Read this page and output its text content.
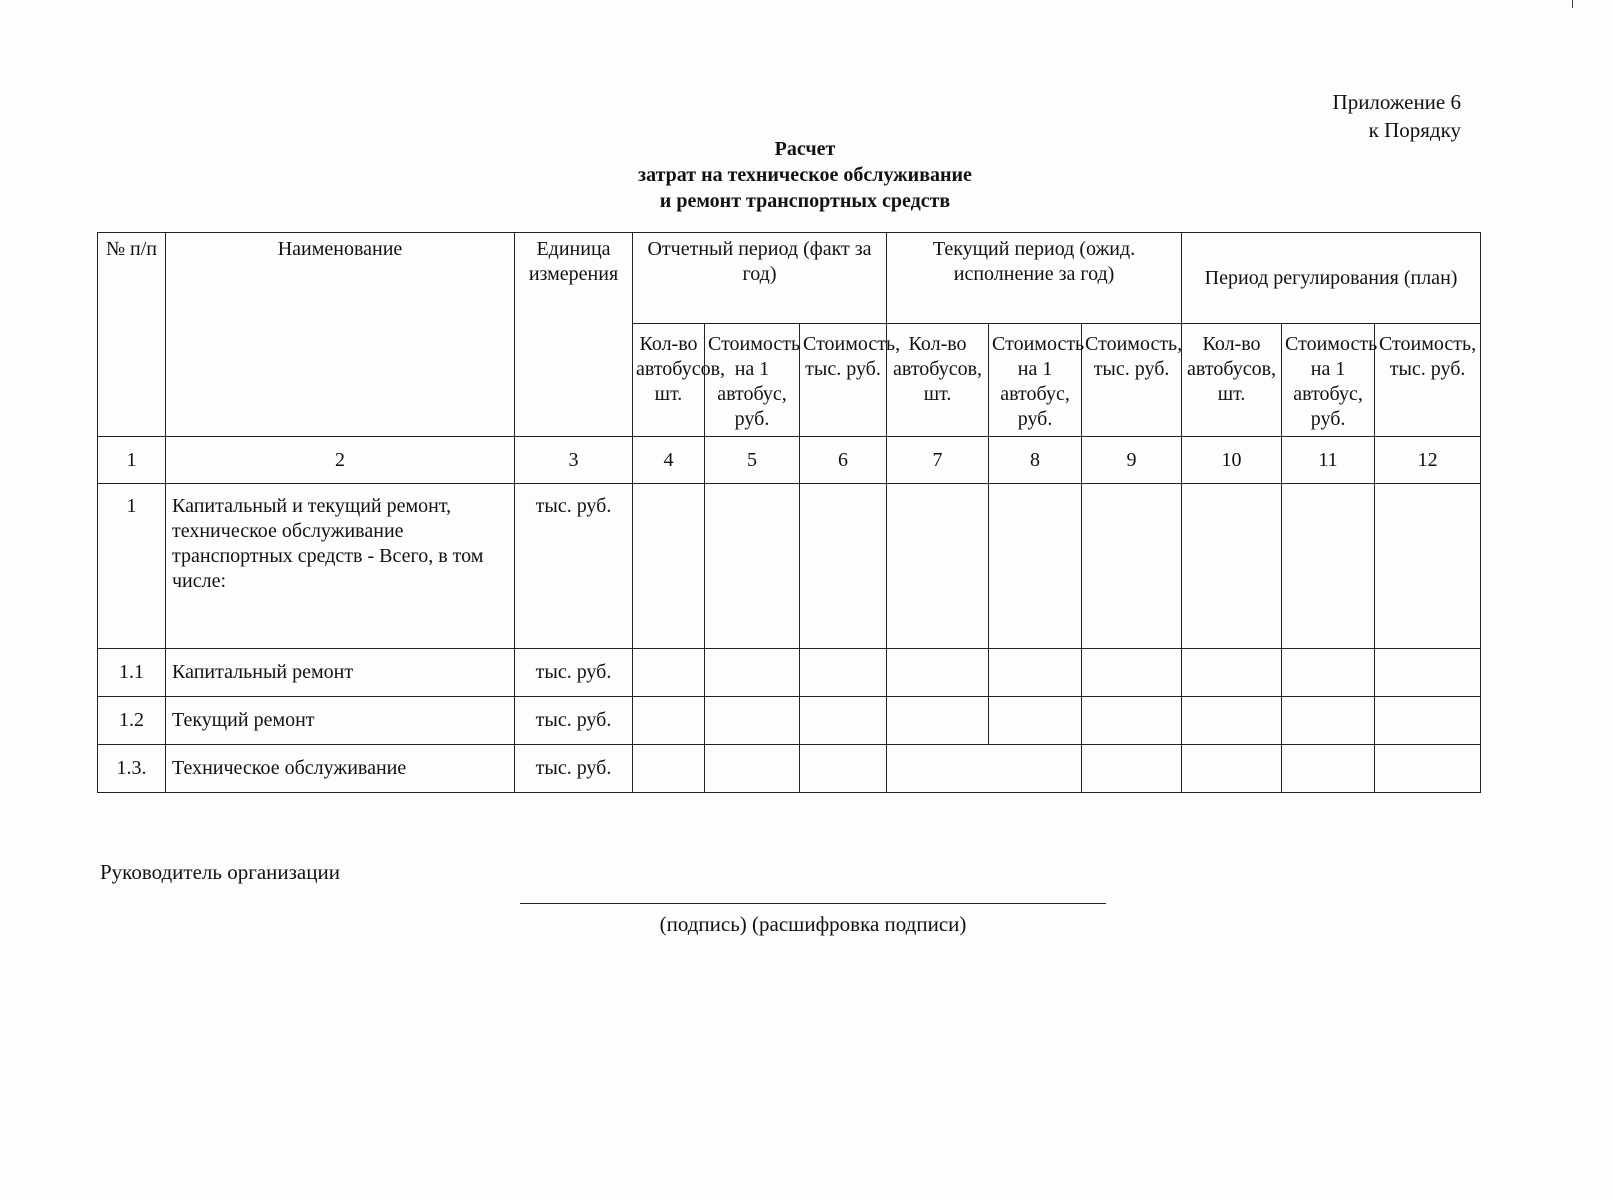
Приложение 6
к Порядку
Расчет
затрат на техническое обслуживание
и ремонт транспортных средств
№ п/п	Наименование	Единица измерения	Отчетный период (факт за год)			Текущий период (ожид. исполнение за год)			Период регулирования (план)		
			Кол-во автобусов, шт.	Стоимость на 1 автобус, руб.	Стоимость, тыс. руб.	Кол-во автобусов, шт.	Стоимость на 1 автобус, руб.	Стоимость, тыс. руб.	Кол-во автобусов, шт.	Стоимость на 1 автобус, руб.	Стоимость, тыс. руб.
1	2	3	4	5	6	7	8	9	10	11	12
1	Капитальный и текущий ремонт, техническое обслуживание транспортных средств - Всего, в том числе:	тыс. руб.									
1.1	Капитальный ремонт	тыс. руб.									
1.2	Текущий ремонт	тыс. руб.									
1.3.	Техническое обслуживание	тыс. руб.									
Руководитель организации
(подпись) (расшифровка подписи)
